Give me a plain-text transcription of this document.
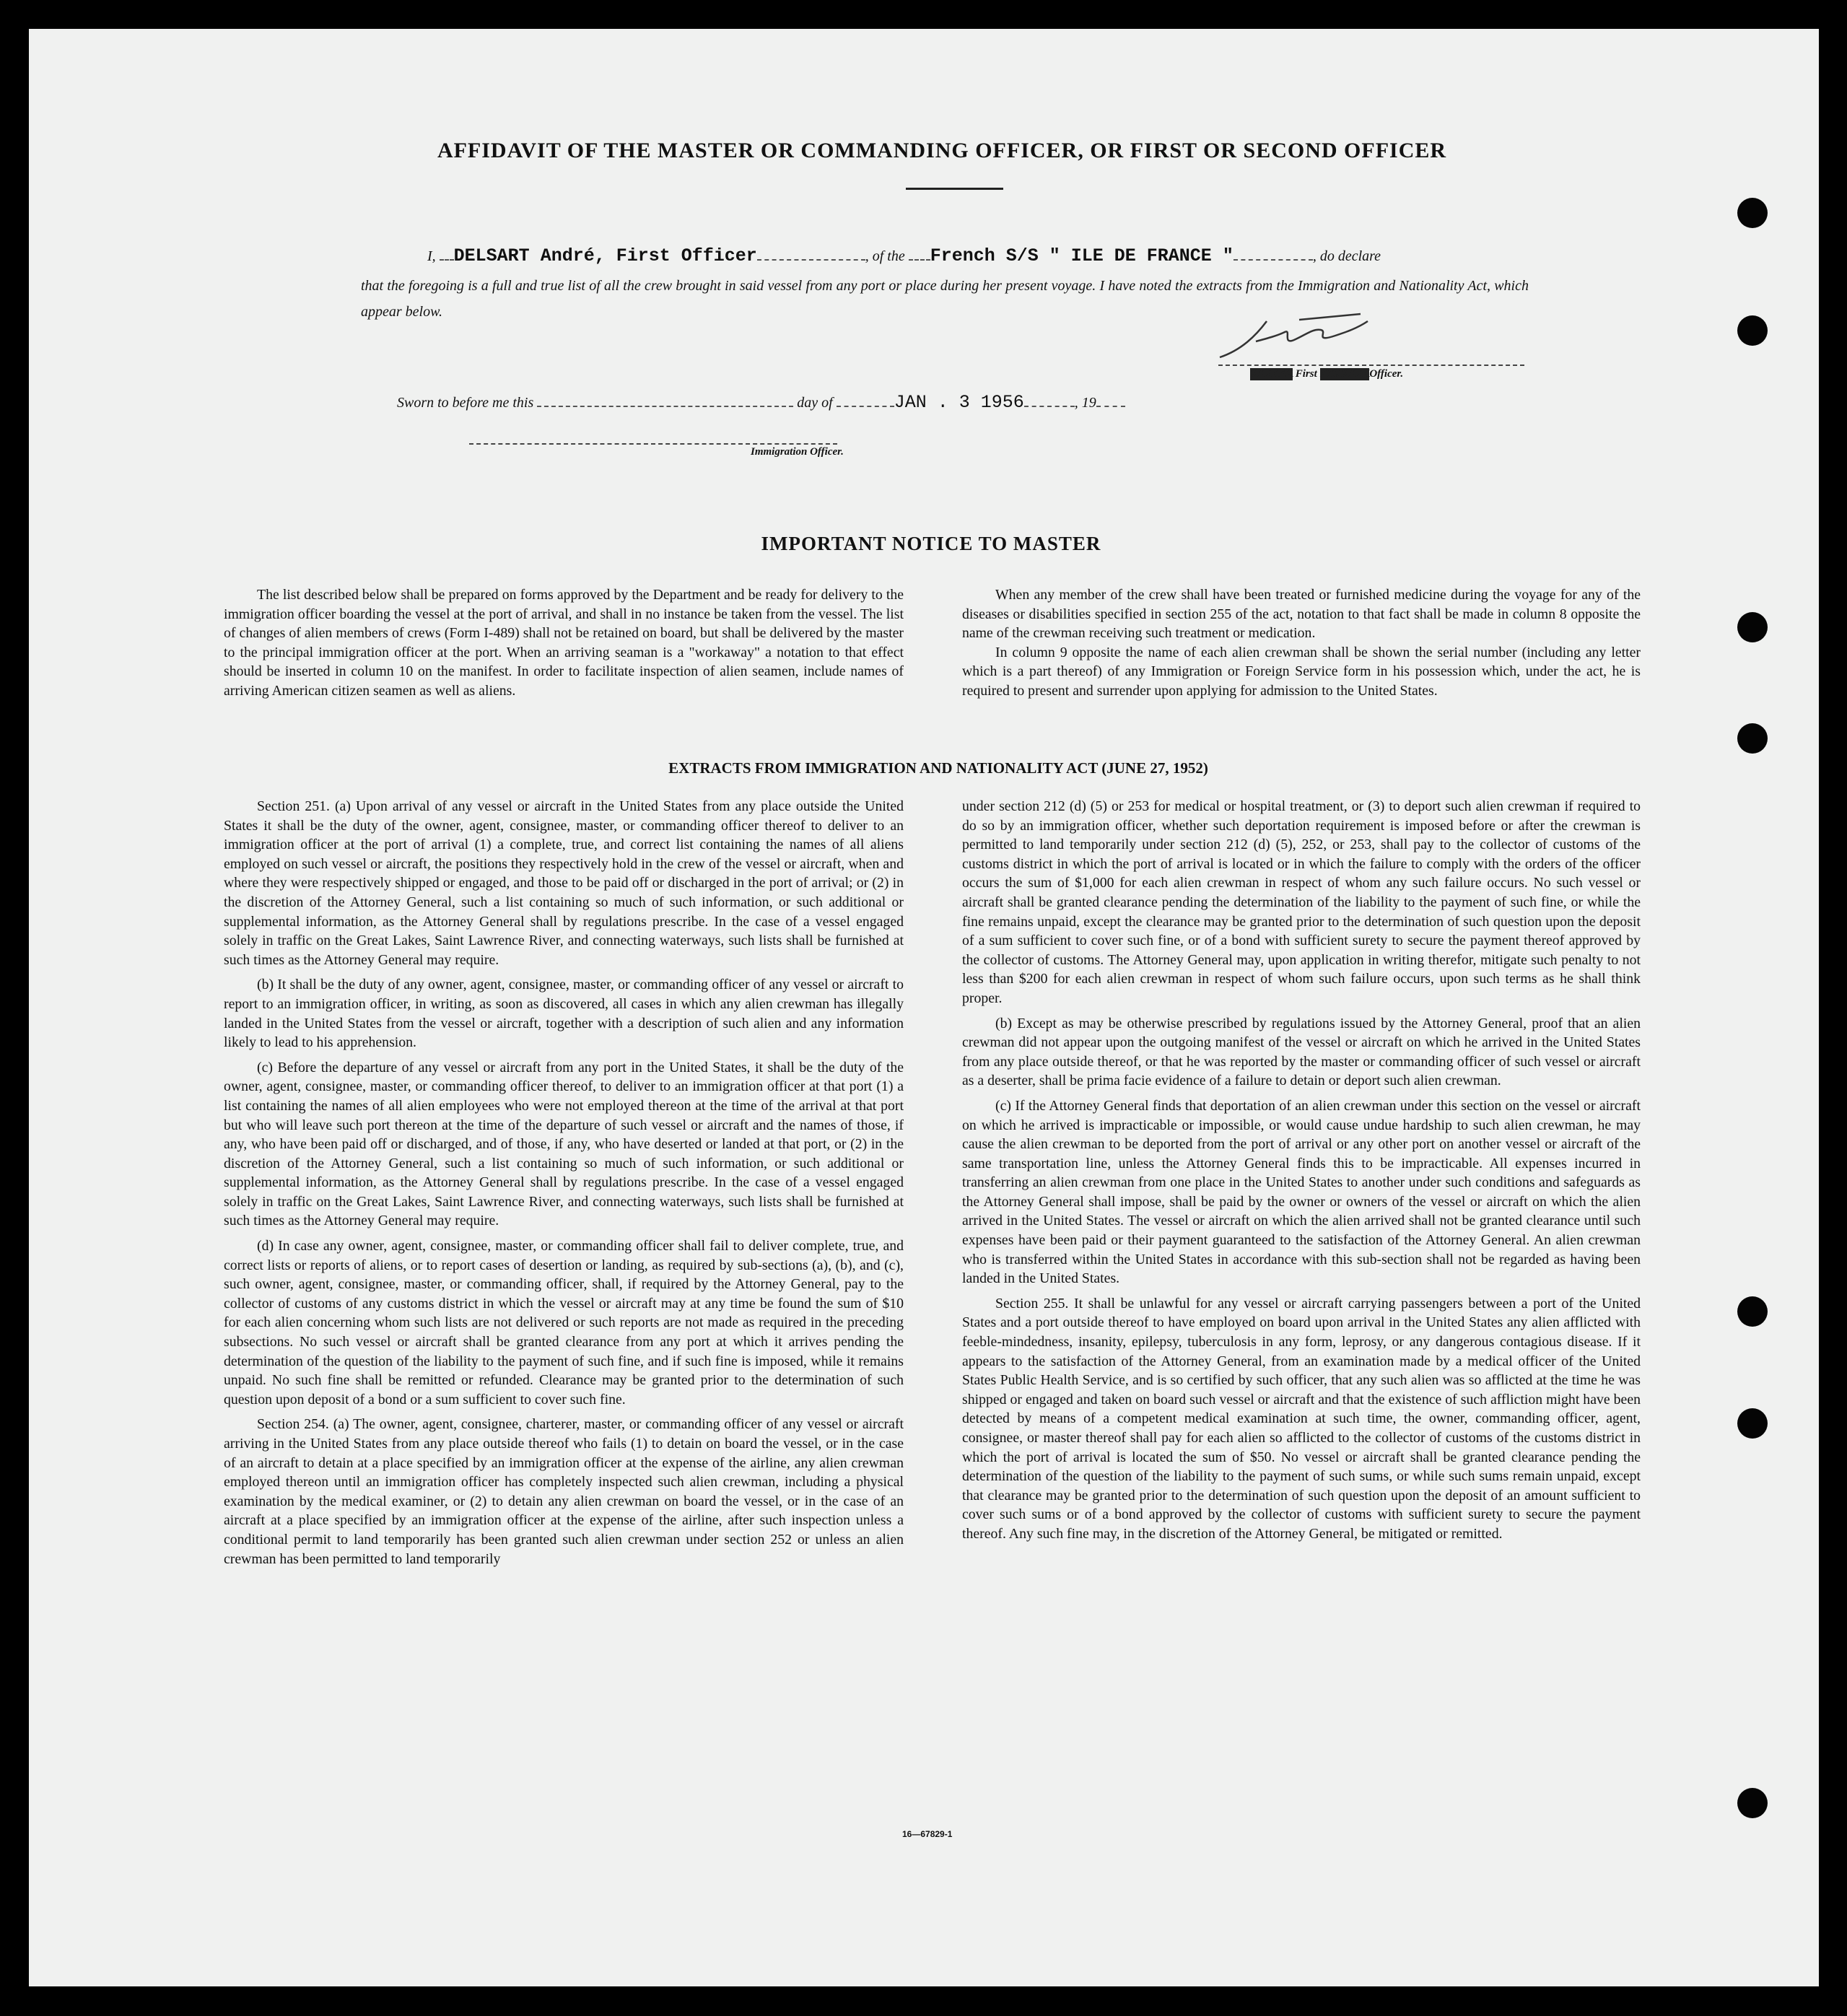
AFFIDAVIT OF THE MASTER OR COMMANDING OFFICER, OR FIRST OR SECOND OFFICER
I, DELSART André, First Officer	, of the French S/S " ILE DE FRANCE "	, do declare
that the foregoing is a full and true list of all the crew brought in said vessel from any port or place during her present voyage. I have noted the extracts from the Immigration and Nationality Act, which appear below.
XXXXXX First XXXXXXXOfficer.
Sworn to before me this	day of	JAN . 3 1956	, 19
Immigration Officer.
IMPORTANT NOTICE TO MASTER

The list described below shall be prepared on forms approved by the Department and be ready for delivery to the immigration officer boarding the vessel at the port of arrival, and shall in no instance be taken from the vessel. The list of changes of alien members of crews (Form I-489) shall not be retained on board, but shall be delivered by the master to the principal immigration officer at the port. When an arriving seaman is a "workaway" a notation to that effect should be inserted in column 10 on the manifest. In order to facilitate inspection of alien seamen, include names of arriving American citizen seamen as well as aliens.

When any member of the crew shall have been treated or furnished medicine during the voyage for any of the diseases or disabilities specified in section 255 of the act, notation to that fact shall be made in column 8 opposite the name of the crewman receiving such treatment or medication.

In column 9 opposite the name of each alien crewman shall be shown the serial number (including any letter which is a part thereof) of any Immigration or Foreign Service form in his possession which, under the act, he is required to present and surrender upon applying for admission to the United States.

EXTRACTS FROM IMMIGRATION AND NATIONALITY ACT (JUNE 27, 1952)

Section 251. (a) Upon arrival of any vessel or aircraft in the United States from any place outside the United States it shall be the duty of the owner, agent, consignee, master, or commanding officer thereof to deliver to an immigration officer at the port of arrival (1) a complete, true, and correct list containing the names of all aliens employed on such vessel or aircraft, the positions they respectively hold in the crew of the vessel or aircraft, when and where they were respectively shipped or engaged, and those to be paid off or discharged in the port of arrival; or (2) in the discretion of the Attorney General, such a list containing so much of such information, or such additional or supplemental information, as the Attorney General shall by regulations prescribe. In the case of a vessel engaged solely in traffic on the Great Lakes, Saint Lawrence River, and connecting waterways, such lists shall be furnished at such times as the Attorney General may require.

(b) It shall be the duty of any owner, agent, consignee, master, or commanding officer of any vessel or aircraft to report to an immigration officer, in writing, as soon as discovered, all cases in which any alien crewman has illegally landed in the United States from the vessel or aircraft, together with a description of such alien and any information likely to lead to his apprehension.

(c) Before the departure of any vessel or aircraft from any port in the United States, it shall be the duty of the owner, agent, consignee, master, or commanding officer thereof, to deliver to an immigration officer at that port (1) a list containing the names of all alien employees who were not employed thereon at the time of the arrival at that port but who will leave such port thereon at the time of the departure of such vessel or aircraft and the names of those, if any, who have been paid off or discharged, and of those, if any, who have deserted or landed at that port, or (2) in the discretion of the Attorney General, such a list containing so much of such information, or such additional or supplemental information, as the Attorney General shall by regulations prescribe. In the case of a vessel engaged solely in traffic on the Great Lakes, Saint Lawrence River, and connecting waterways, such lists shall be furnished at such times as the Attorney General may require.

(d) In case any owner, agent, consignee, master, or commanding officer shall fail to deliver complete, true, and correct lists or reports of aliens, or to report cases of desertion or landing, as required by sub-sections (a), (b), and (c), such owner, agent, consignee, master, or commanding officer, shall, if required by the Attorney General, pay to the collector of customs of any customs district in which the vessel or aircraft may at any time be found the sum of $10 for each alien concerning whom such lists are not delivered or such reports are not made as required in the preceding subsections. No such vessel or aircraft shall be granted clearance from any port at which it arrives pending the determination of the question of the liability to the payment of such fine, and if such fine is imposed, while it remains unpaid. No such fine shall be remitted or refunded. Clearance may be granted prior to the determination of such question upon deposit of a bond or a sum sufficient to cover such fine.

Section 254. (a) The owner, agent, consignee, charterer, master, or commanding officer of any vessel or aircraft arriving in the United States from any place outside thereof who fails (1) to detain on board the vessel, or in the case of an aircraft to detain at a place specified by an immigration officer at the expense of the airline, any alien crewman employed thereon until an immigration officer has completely inspected such alien crewman, including a physical examination by the medical examiner, or (2) to detain any alien crewman on board the vessel, or in the case of an aircraft at a place specified by an immigration officer at the expense of the airline, after such inspection unless a conditional permit to land temporarily has been granted such alien crewman under section 252 or unless an alien crewman has been permitted to land temporarily

under section 212 (d) (5) or 253 for medical or hospital treatment, or (3) to deport such alien crewman if required to do so by an immigration officer, whether such deportation requirement is imposed before or after the crewman is permitted to land temporarily under section 212 (d) (5), 252, or 253, shall pay to the collector of customs of the customs district in which the port of arrival is located or in which the failure to comply with the orders of the officer occurs the sum of $1,000 for each alien crewman in respect of whom any such failure occurs. No such vessel or aircraft shall be granted clearance pending the determination of the liability to the payment of such fine, or while the fine remains unpaid, except the clearance may be granted prior to the determination of such question upon the deposit of a sum sufficient to cover such fine, or of a bond with sufficient surety to secure the payment thereof approved by the collector of customs. The Attorney General may, upon application in writing therefor, mitigate such penalty to not less than $200 for each alien crewman in respect of whom such failure occurs, upon such terms as he shall think proper.

(b) Except as may be otherwise prescribed by regulations issued by the Attorney General, proof that an alien crewman did not appear upon the outgoing manifest of the vessel or aircraft on which he arrived in the United States from any place outside thereof, or that he was reported by the master or commanding officer of such vessel or aircraft as a deserter, shall be prima facie evidence of a failure to detain or deport such alien crewman.

(c) If the Attorney General finds that deportation of an alien crewman under this section on the vessel or aircraft on which he arrived is impracticable or impossible, or would cause undue hardship to such alien crewman, he may cause the alien crewman to be deported from the port of arrival or any other port on another vessel or aircraft of the same transportation line, unless the Attorney General finds this to be impracticable. All expenses incurred in transferring an alien crewman from one place in the United States to another under such conditions and safeguards as the Attorney General shall impose, shall be paid by the owner or owners of the vessel or aircraft on which the alien arrived in the United States. The vessel or aircraft on which the alien arrived shall not be granted clearance until such expenses have been paid or their payment guaranteed to the satisfaction of the Attorney General. An alien crewman who is transferred within the United States in accordance with this sub-section shall not be regarded as having been landed in the United States.

Section 255. It shall be unlawful for any vessel or aircraft carrying passengers between a port of the United States and a port outside thereof to have employed on board upon arrival in the United States any alien afflicted with feeble-mindedness, insanity, epilepsy, tuberculosis in any form, leprosy, or any dangerous contagious disease. If it appears to the satisfaction of the Attorney General, from an examination made by a medical officer of the United States Public Health Service, and is so certified by such officer, that any such alien was so afflicted at the time he was shipped or engaged and taken on board such vessel or aircraft and that the existence of such affliction might have been detected by means of a competent medical examination at such time, the owner, commanding officer, agent, consignee, or master thereof shall pay for each alien so afflicted to the collector of customs of the customs district in which the port of arrival is located the sum of $50. No vessel or aircraft shall be granted clearance pending the determination of the question of the liability to the payment of such sums, or while such sums remain unpaid, except that clearance may be granted prior to the determination of such question upon the deposit of an amount sufficient to cover such sums or of a bond approved by the collector of customs with sufficient surety to secure the payment thereof. Any such fine may, in the discretion of the Attorney General, be mitigated or remitted.

16—67829-1
